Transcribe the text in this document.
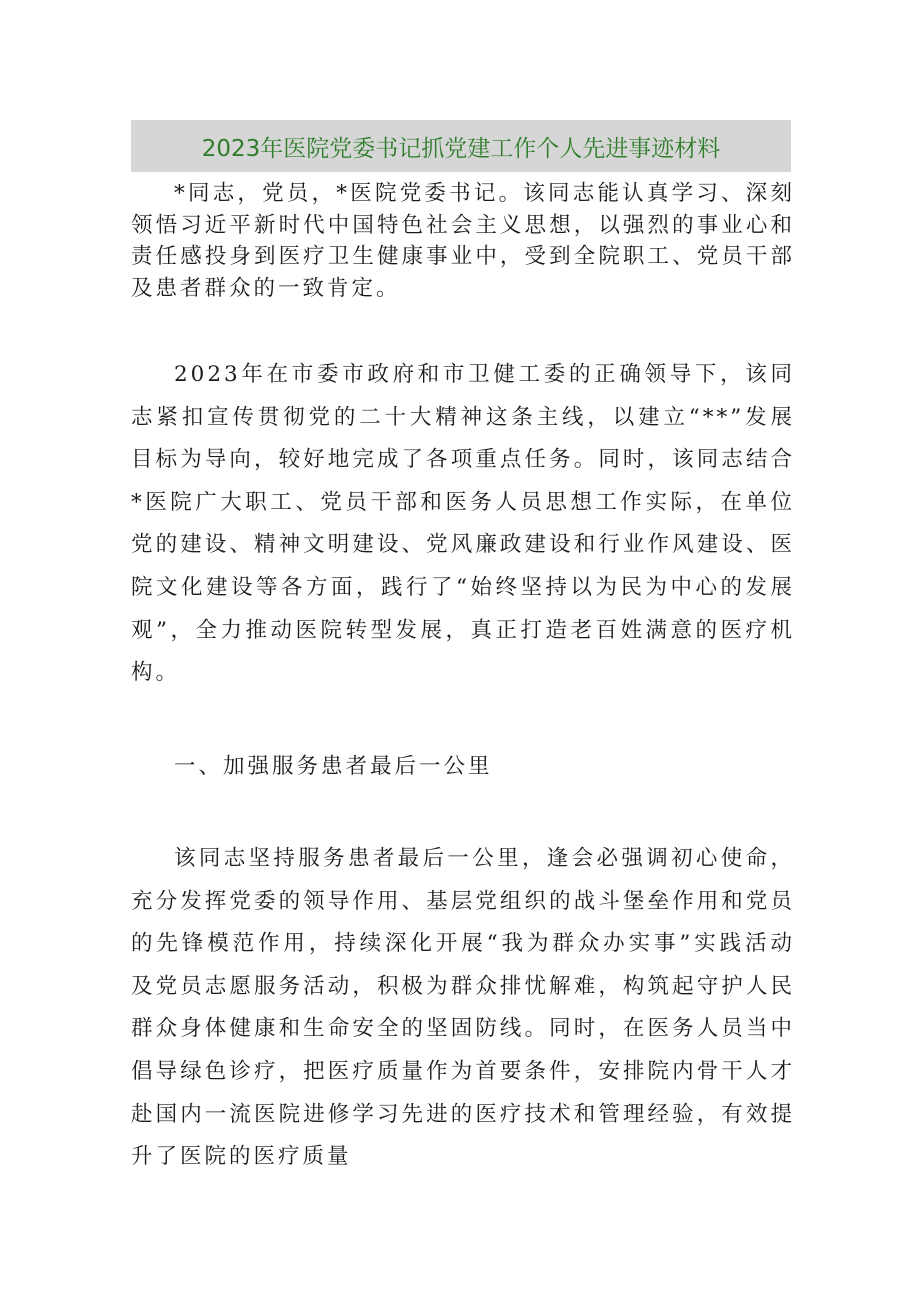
2023年医院党委书记抓党建工作个人先进事迹材料

*同志，党员，*医院党委书记。该同志能认真学习、深刻领悟习近平新时代中国特色社会主义思想，以强烈的事业心和责任感投身到医疗卫生健康事业中，受到全院职工、党员干部及患者群众的一致肯定。

2023年在市委市政府和市卫健工委的正确领导下，该同志紧扣宣传贯彻党的二十大精神这条主线，以建立“**”发展目标为导向，较好地完成了各项重点任务。同时，该同志结合*医院广大职工、党员干部和医务人员思想工作实际，在单位党的建设、精神文明建设、党风廉政建设和行业作风建设、医院文化建设等各方面，践行了“始终坚持以为民为中心的发展观”，全力推动医院转型发展，真正打造老百姓满意的医疗机构。

一、加强服务患者最后一公里

该同志坚持服务患者最后一公里，逢会必强调初心使命，充分发挥党委的领导作用、基层党组织的战斗堡垒作用和党员的先锋模范作用，持续深化开展“我为群众办实事”实践活动及党员志愿服务活动，积极为群众排忧解难，构筑起守护人民群众身体健康和生命安全的坚固防线。同时，在医务人员当中倡导绿色诊疗，把医疗质量作为首要条件，安排院内骨干人才赴国内一流医院进修学习先进的医疗技术和管理经验，有效提升了医院的医疗质量
